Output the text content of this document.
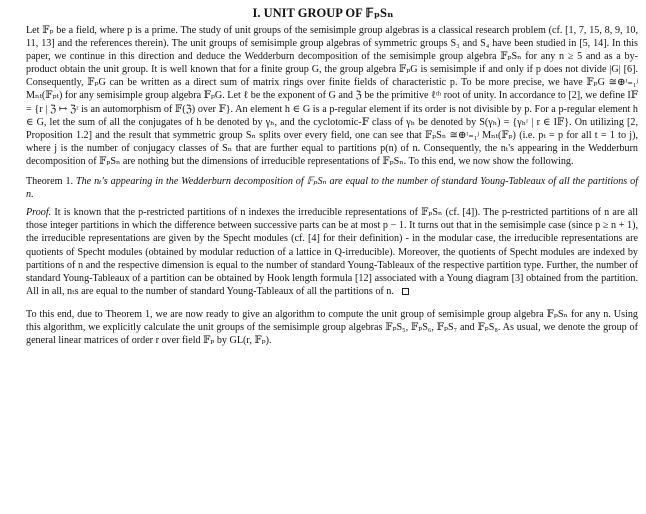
I. UNIT GROUP OF 𝔽ₚSₙ

Let 𝔽ₚ be a field, where p is a prime. The study of unit groups of the semisimple group algebras is a classical research problem (cf. [1, 7, 15, 8, 9, 10, 11, 13] and the references therein). The unit groups of semisimple group algebras of symmetric groups S₃ and S₄ have been studied in [5, 14]. In this paper, we continue in this direction and deduce the Wedderburn decomposition of the semisimple group algebra 𝔽ₚSₙ for any n ≥ 5 and as a by-product obtain the unit group. It is well known that for a finite group G, the group algebra 𝔽ₚG is semisimple if and only if p does not divide |G| [6]. Consequently, 𝔽ₚG can be written as a direct sum of matrix rings over finite fields of characteristic p. To be more precise, we have 𝔽ₚG ≅⊕ᵗ₌₁ʲ Mₙₜ(𝔽ₚₜ) for any semisimple group algebra 𝔽ₚG. Let ℓ be the exponent of G and ℨ be the primitive ℓᵗʰ root of unity. In accordance to [2], we define I𝔽 = {r | ℨ ↦ ℨʳ is an automorphism of 𝔽(ℨ) over 𝔽}. An element h ∈ G is a p-regular element if its order is not divisible by p. For a p-regular element h ∈ G, let the sum of all the conjugates of h be denoted by γₕ, and the cyclotomic-𝔽 class of γₕ be denoted by S(γₕ) = {γₕʳ | r ∈ I𝔽}. On utilizing [2, Proposition 1.2] and the result that symmetric group Sₙ splits over every field, one can see that 𝔽ₚSₙ ≅⊕ᵗ₌₁ʲ Mₙₜ(𝔽ₚ) (i.e. pₜ = p for all t = 1 to j), where j is the number of conjugacy classes of Sₙ that are further equal to partitions p(n) of n. Consequently, the nₜ's appearing in the Wedderburn decomposition of 𝔽ₚSₙ are nothing but the dimensions of irreducible representations of 𝔽ₚSₙ. To this end, we now show the following.

Theorem 1. The nₜ's appearing in the Wedderburn decomposition of 𝔽ₚSₙ are equal to the number of standard Young-Tableaux of all the partitions of n.

Proof. It is known that the p-restricted partitions of n indexes the irreducible representations of 𝔽ₚSₙ (cf. [4]). The p-restricted partitions of n are all those integer partitions in which the difference between successive parts can be at most p − 1. It turns out that in the semisimple case (since p ≥ n + 1), the irreducible representations are given by the Specht modules (cf. [4] for their definition) - in the modular case, the irreducible representations are quotients of Specht modules (obtained by modular reduction of a lattice in Q-irreducible). Moreover, the quotients of Specht modules are indexed by partitions of n and the respective dimension is equal to the number of standard Young-Tableaux of the respective partition type. Further, the number of standard Young-Tableaux of a partition can be obtained by Hook length formula [12] associated with a Young diagram [3] obtained from the partition. All in all, nₜs are equal to the number of standard Young-Tableaux of all the partitions of n.

To this end, due to Theorem 1, we are now ready to give an algorithm to compute the unit group of semisimple group algebra 𝔽ₚSₙ for any n. Using this algorithm, we explicitly calculate the unit groups of the semisimple group algebras 𝔽ₚS₅, 𝔽ₚS₆, 𝔽ₚS₇ and 𝔽ₚS₈. As usual, we denote the group of general linear matrices of order r over field 𝔽ₚ by GL(r, 𝔽ₚ).
